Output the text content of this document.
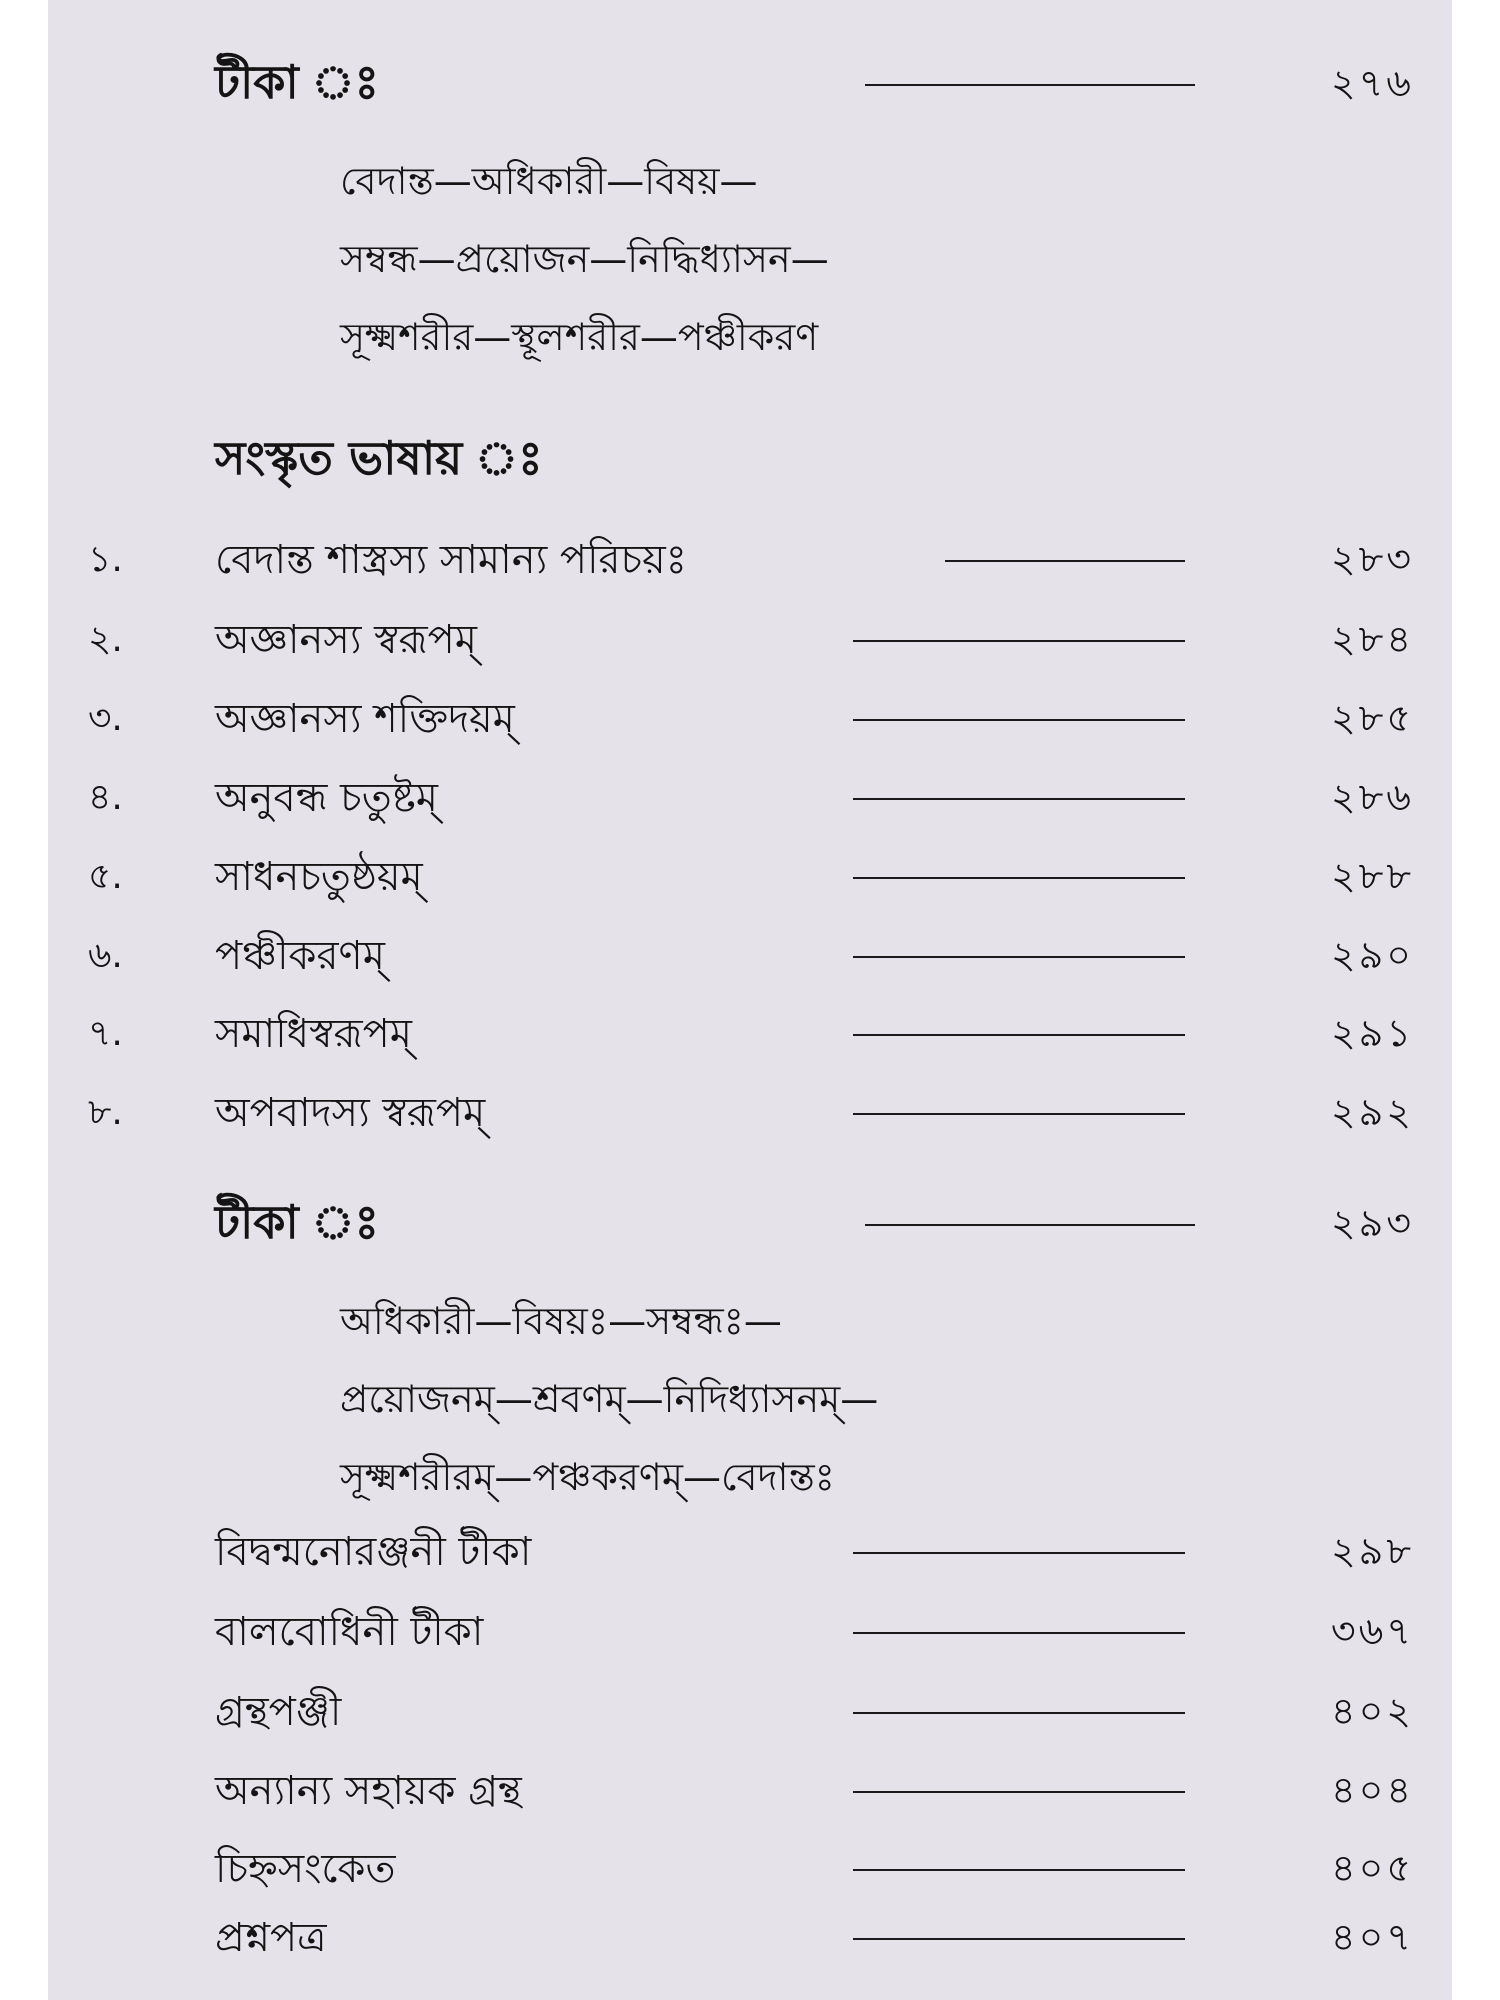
টীকা ঃ	২৭৬
বেদান্ত—অধিকারী—বিষয়—
সম্বন্ধ—প্রয়োজন—নিদ্ধিধ্যাসন—
সূক্ষ্মশরীর—স্থূলশরীর—পঞ্চীকরণ
সংস্কৃত ভাষায় ঃ
১. বেদান্ত শাস্ত্রস্য সামান্য পরিচয়ঃ	২৮৩
২. অজ্ঞানস্য স্বরূপম্	২৮৪
৩. অজ্ঞানস্য শক্তিদয়ম্	২৮৫
৪. অনুবন্ধ চতুষ্টম্	২৮৬
৫. সাধনচতুষ্ঠয়ম্	২৮৮
৬. পঞ্চীকরণম্	২৯০
৭. সমাধিস্বরূপম্	২৯১
৮. অপবাদস্য স্বরূপম্	২৯২
টীকা ঃ	২৯৩
অধিকারী—বিষয়ঃ—সম্বন্ধঃ—
প্রয়োজনম্—শ্রবণম্—নিদিধ্যাসনম্—
সূক্ষ্মশরীরম্—পঞ্চকরণম্—বেদান্তঃ
বিদ্বন্মনোরঞ্জনী টীকা	২৯৮
বালবোধিনী টীকা	৩৬৭
গ্রন্থপঞ্জী	৪০২
অন্যান্য সহায়ক গ্রন্থ	৪০৪
চিহ্নসংকেত	৪০৫
প্রশ্নপত্র	৪০৭
